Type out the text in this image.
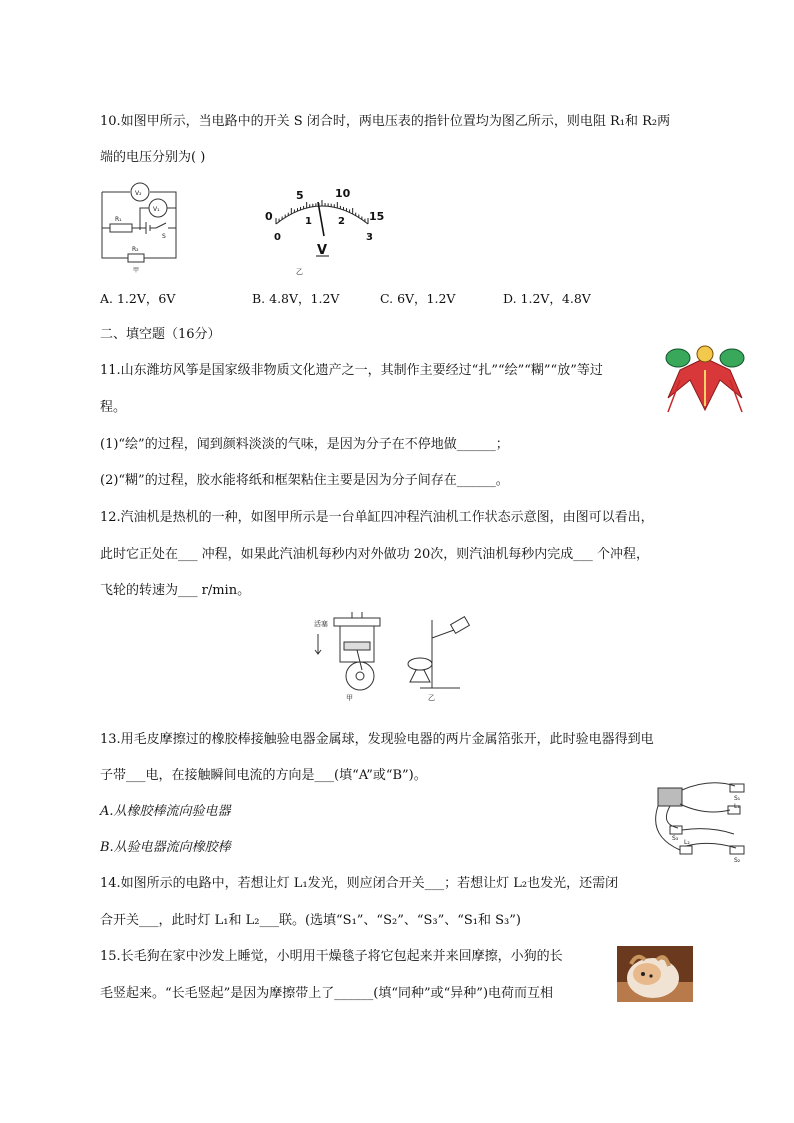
10.如图甲所示，当电路中的开关 S 闭合时，两电压表的指针位置均为图乙所示，则电阻 R₁和 R₂两
端的电压分别为( )
V₂
V₁
R₁
S
R₂
甲
0
5	10
15
0
1	2
3
V
乙
A. 1.2V，6V	B. 4.8V，1.2V	C. 6V，1.2V	D. 1.2V，4.8V
二、填空题（16分）
11.山东潍坊风筝是国家级非物质文化遗产之一，其制作主要经过“扎”“绘”“糊”“放”等过
程。
(1)“绘”的过程，闻到颜料淡淡的气味，是因为分子在不停地做______；
(2)“糊”的过程，胶水能将纸和框架粘住主要是因为分子间存在______。
12.汽油机是热机的一种，如图甲所示是一台单缸四冲程汽油机工作状态示意图，由图可以看出，
此时它正处在___ 冲程，如果此汽油机每秒内对外做功 20次，则汽油机每秒内完成___ 个冲程，
飞轮的转速为___ r/min。
活塞
甲	乙
13.用毛皮摩擦过的橡胶棒接触验电器金属球，发现验电器的两片金属箔张开，此时验电器得到电
子带___电，在接触瞬间电流的方向是___(填“A”或“B”)。
A.从橡胶棒流向验电器
B.从验电器流向橡胶棒
S₁
L₁
S₃
L₂
S₂
14.如图所示的电路中，若想让灯 L₁发光，则应闭合开关___；若想让灯 L₂也发光，还需闭
合开关___，此时灯 L₁和 L₂___联。(选填“S₁”、“S₂”、“S₃”、“S₁和 S₃”)
15.长毛狗在家中沙发上睡觉，小明用干燥毯子将它包起来并来回摩擦，小狗的长
毛竖起来。“长毛竖起”是因为摩擦带上了______(填“同种”或“异种”)电荷而互相
